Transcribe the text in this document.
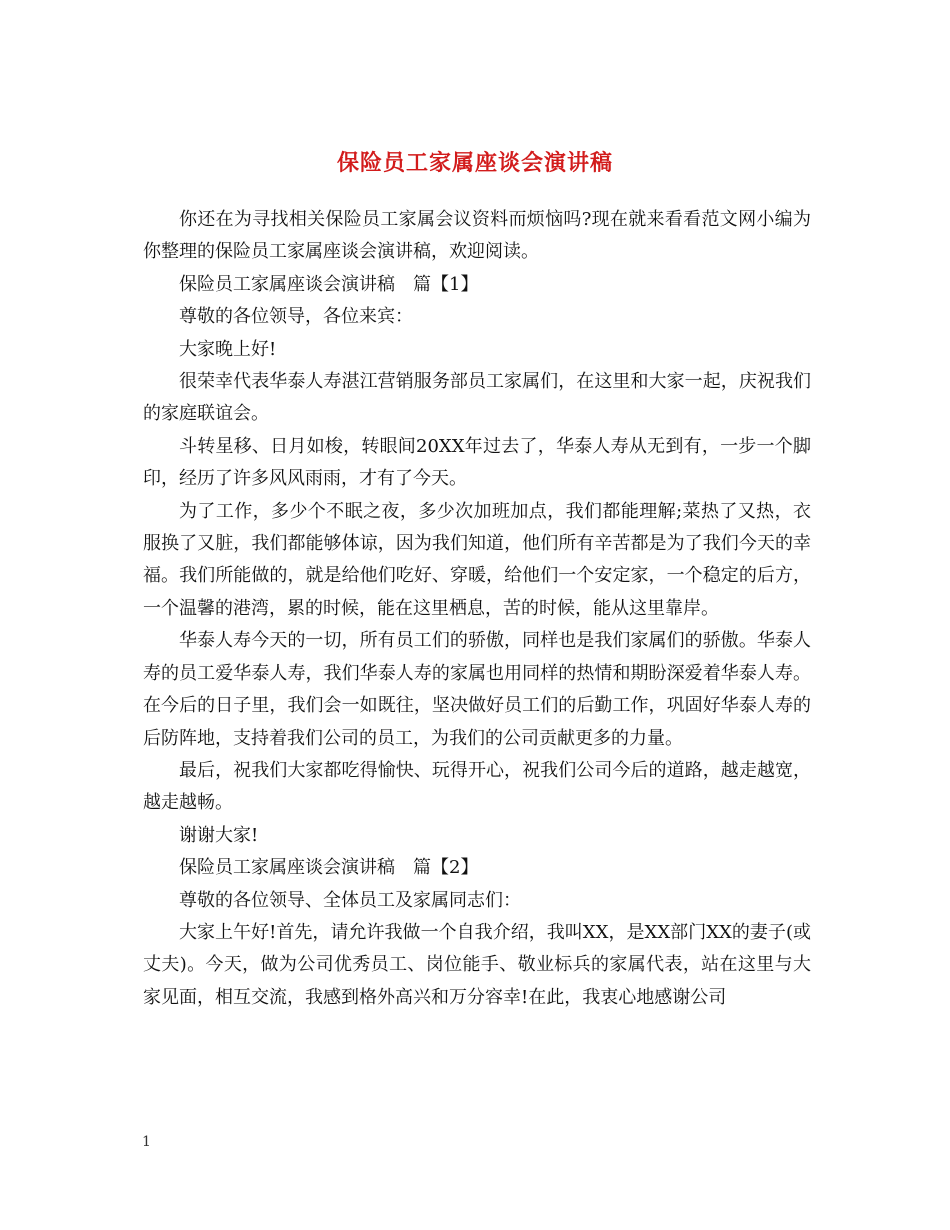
保险员工家属座谈会演讲稿

你还在为寻找相关保险员工家属会议资料而烦恼吗?现在就来看看范文网小编为你整理的保险员工家属座谈会演讲稿，欢迎阅读。

保险员工家属座谈会演讲稿　篇【1】

尊敬的各位领导，各位来宾：

大家晚上好!

很荣幸代表华泰人寿湛江营销服务部员工家属们，在这里和大家一起，庆祝我们的家庭联谊会。

斗转星移、日月如梭，转眼间20XX年过去了，华泰人寿从无到有，一步一个脚印，经历了许多风风雨雨，才有了今天。

为了工作，多少个不眠之夜，多少次加班加点，我们都能理解;菜热了又热，衣服换了又脏，我们都能够体谅，因为我们知道，他们所有辛苦都是为了我们今天的幸福。我们所能做的，就是给他们吃好、穿暖，给他们一个安定家，一个稳定的后方，一个温馨的港湾，累的时候，能在这里栖息，苦的时候，能从这里靠岸。

华泰人寿今天的一切，所有员工们的骄傲，同样也是我们家属们的骄傲。华泰人寿的员工爱华泰人寿，我们华泰人寿的家属也用同样的热情和期盼深爱着华泰人寿。在今后的日子里，我们会一如既往，坚决做好员工们的后勤工作，巩固好华泰人寿的后防阵地，支持着我们公司的员工，为我们的公司贡献更多的力量。

最后，祝我们大家都吃得愉快、玩得开心，祝我们公司今后的道路，越走越宽，越走越畅。

谢谢大家!

保险员工家属座谈会演讲稿　篇【2】

尊敬的各位领导、全体员工及家属同志们：

大家上午好!首先，请允许我做一个自我介绍，我叫XX，是XX部门XX的妻子(或丈夫)。今天，做为公司优秀员工、岗位能手、敬业标兵的家属代表，站在这里与大家见面，相互交流，我感到格外高兴和万分容幸!在此，我衷心地感谢公司

1
